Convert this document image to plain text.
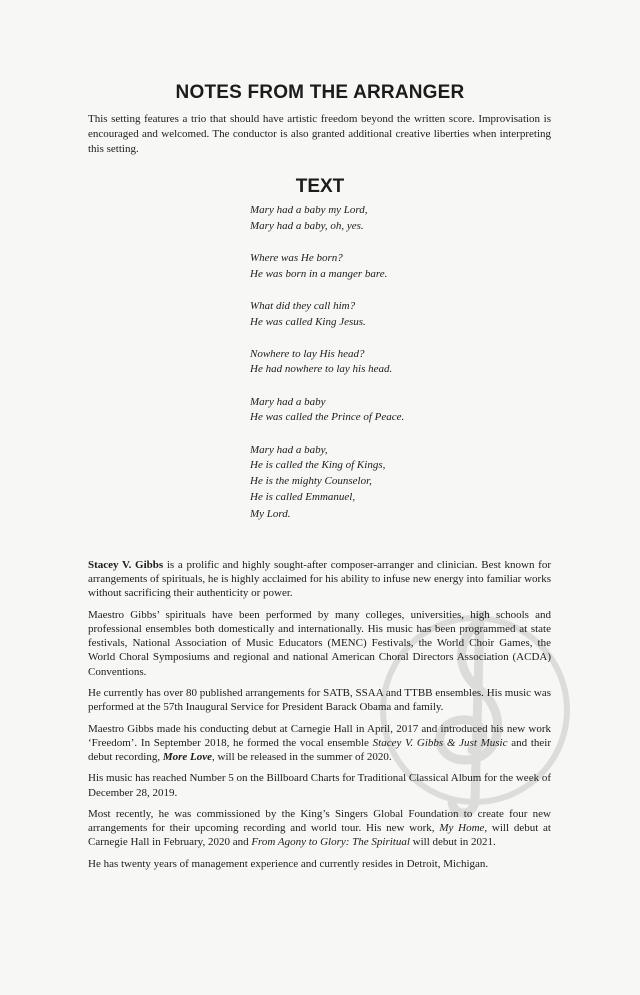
NOTES FROM THE ARRANGER

This setting features a trio that should have artistic freedom beyond the written score. Improvisation is encouraged and welcomed. The conductor is also granted additional creative liberties when interpreting this setting.

TEXT
Mary had a baby my Lord,
Mary had a baby, oh, yes.
Where was He born?
He was born in a manger bare.
What did they call him?
He was called King Jesus.
Nowhere to lay His head?
He had nowhere to lay his head.
Mary had a baby
He was called the Prince of Peace.
Mary had a baby,
He is called the King of Kings,
He is the mighty Counselor,
He is called Emmanuel,
My Lord.

Stacey V. Gibbs is a prolific and highly sought-after composer-arranger and clinician. Best known for arrangements of spirituals, he is highly acclaimed for his ability to infuse new energy into familiar works without sacrificing their authenticity or power.

Maestro Gibbs’ spirituals have been performed by many colleges, universities, high schools and professional ensembles both domestically and internationally. His music has been programmed at state festivals, National Association of Music Educators (MENC) Festivals, the World Choir Games, the World Choral Symposiums and regional and national American Choral Directors Association (ACDA) Conventions.

He currently has over 80 published arrangements for SATB, SSAA and TTBB ensembles. His music was performed at the 57th Inaugural Service for President Barack Obama and family.

Maestro Gibbs made his conducting debut at Carnegie Hall in April, 2017 and introduced his new work ‘Freedom’. In September 2018, he formed the vocal ensemble Stacey V. Gibbs & Just Music and their debut recording, More Love, will be released in the summer of 2020.

His music has reached Number 5 on the Billboard Charts for Traditional Classical Album for the week of December 28, 2019.

Most recently, he was commissioned by the King’s Singers Global Foundation to create four new arrangements for their upcoming recording and world tour. His new work, My Home, will debut at Carnegie Hall in February, 2020 and From Agony to Glory: The Spiritual will debut in 2021.

He has twenty years of management experience and currently resides in Detroit, Michigan.
